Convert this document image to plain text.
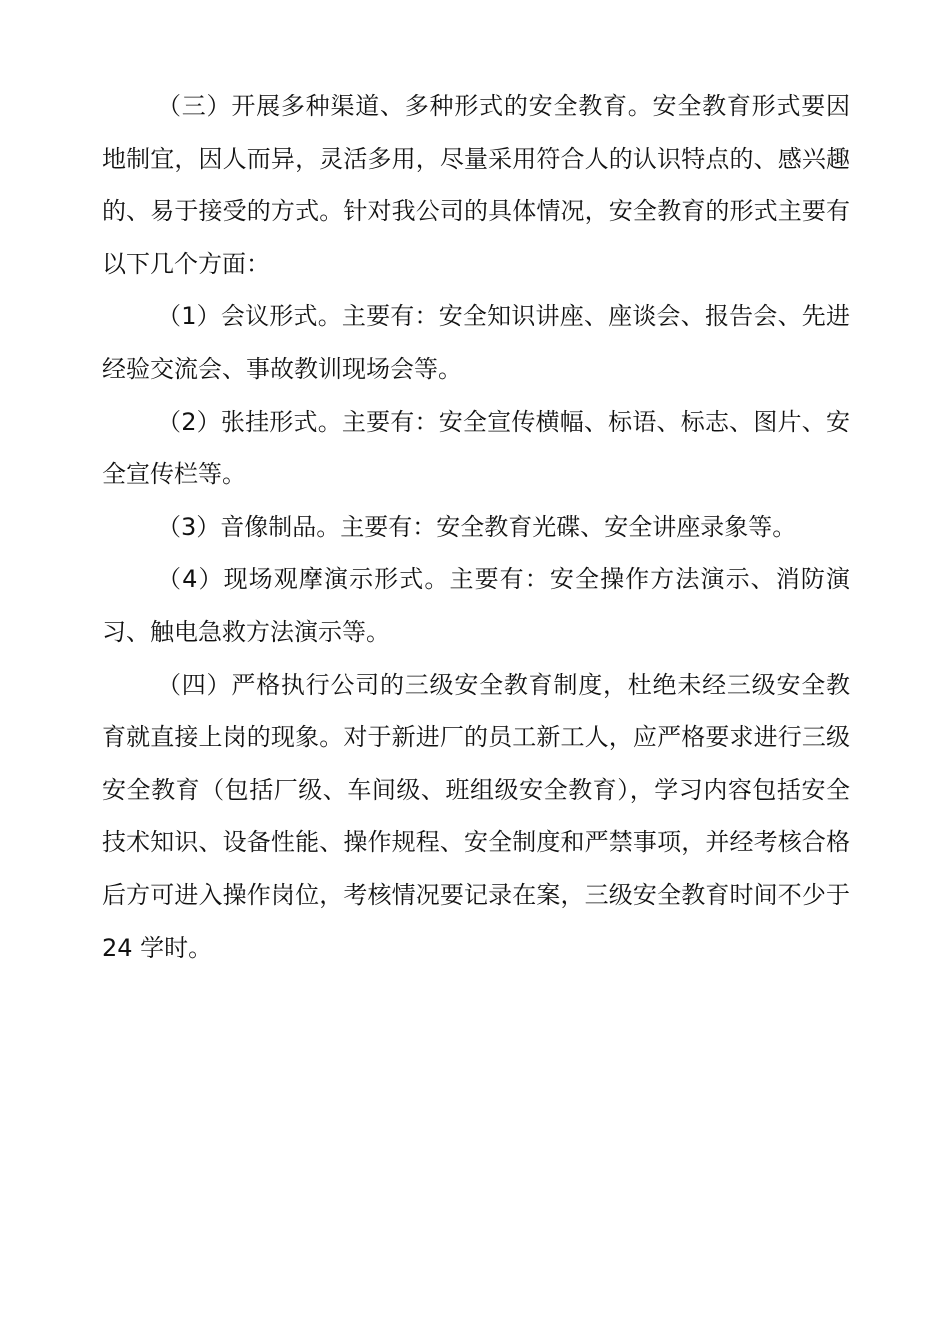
（三）开展多种渠道、多种形式的安全教育。安全教育形式要因地制宜，因人而异，灵活多用，尽量采用符合人的认识特点的、感兴趣的、易于接受的方式。针对我公司的具体情况，安全教育的形式主要有以下几个方面：

（1）会议形式。主要有：安全知识讲座、座谈会、报告会、先进经验交流会、事故教训现场会等。

（2）张挂形式。主要有：安全宣传横幅、标语、标志、图片、安全宣传栏等。

（3）音像制品。主要有：安全教育光碟、安全讲座录象等。

（4）现场观摩演示形式。主要有：安全操作方法演示、消防演习、触电急救方法演示等。

（四）严格执行公司的三级安全教育制度，杜绝未经三级安全教育就直接上岗的现象。对于新进厂的员工新工人，应严格要求进行三级安全教育（包括厂级、车间级、班组级安全教育），学习内容包括安全技术知识、设备性能、操作规程、安全制度和严禁事项，并经考核合格后方可进入操作岗位，考核情况要记录在案，三级安全教育时间不少于 24 学时。
